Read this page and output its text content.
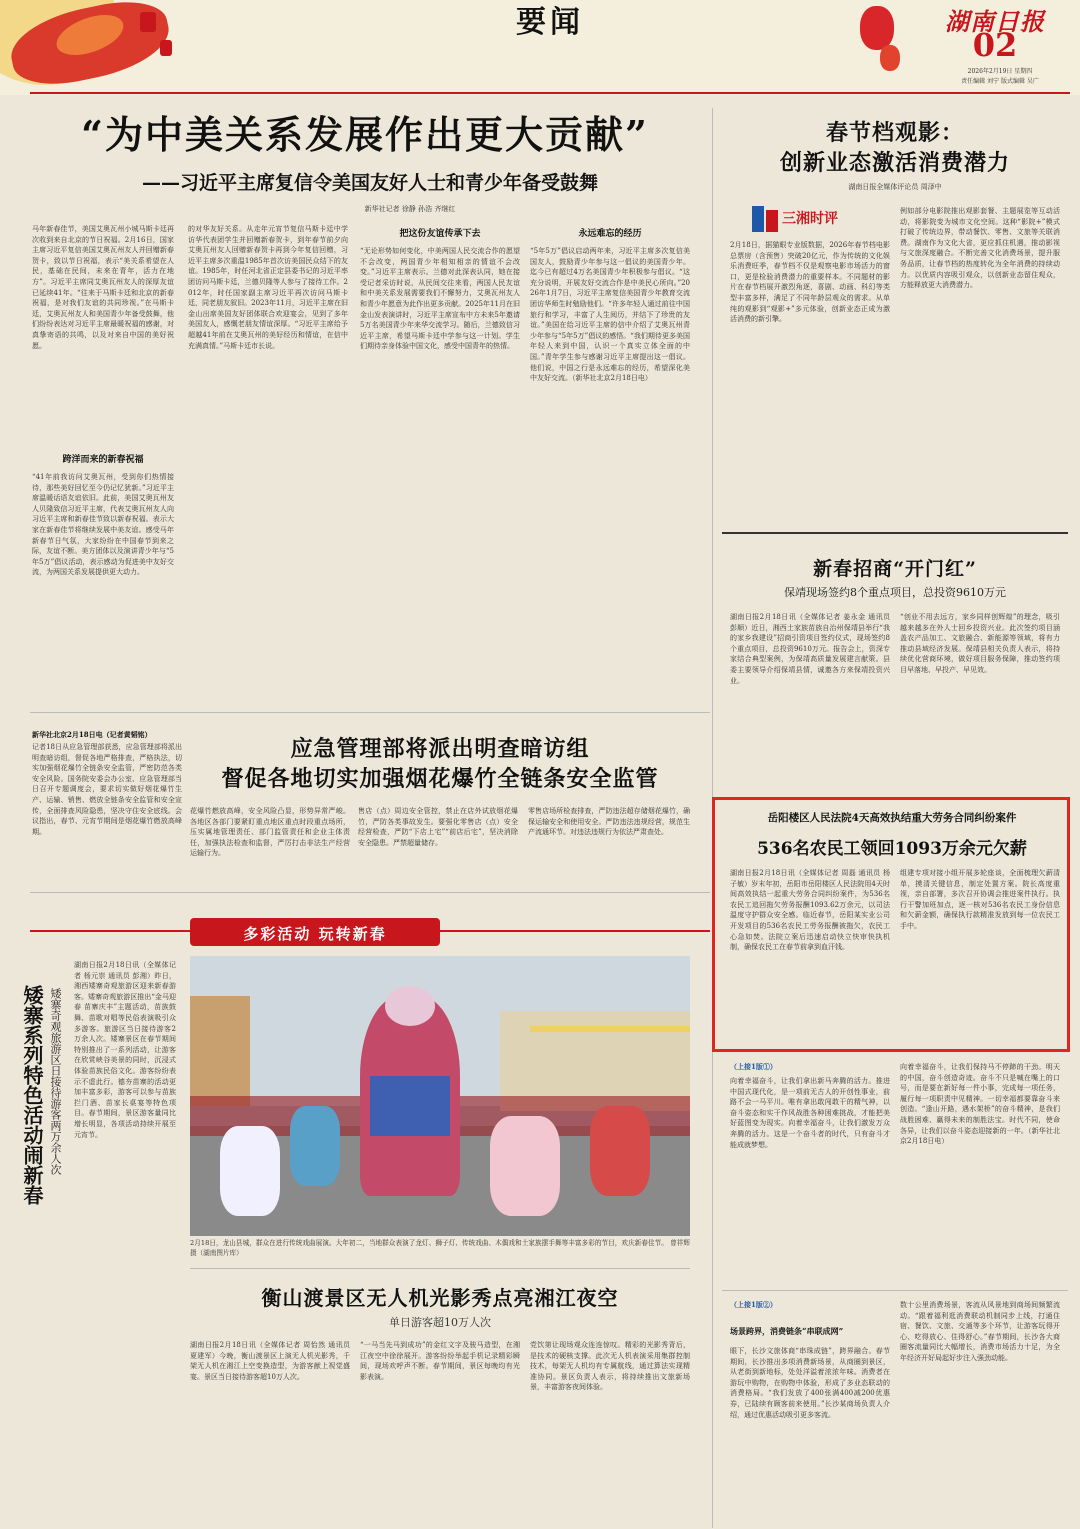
要闻	湖南日报
02
2026年2月19日 星期四
责任编辑 刘宁 版式编辑 吴广
“为中美关系发展作出更大贡献”
——习近平主席复信令美国友好人士和青少年备受鼓舞
新华社记者 徐静 孙浩 齐继红
马年新春佳节，美国艾奥瓦州小城马斯卡廷再次收到来自北京的节日祝福。2月16日，国家主席习近平复信美国艾奥瓦州友人并回赠新春贺卡，致以节日祝福，表示“美关系希望在人民，基础在民间，未来在青年，活力在地方”。习近平主席同艾奥瓦州友人的深厚友谊已延续41年。“往来于马斯卡廷和北京的新春祝福，是对我们友谊的共同珍视。”在马斯卡廷，艾奥瓦州友人和美国青少年备受鼓舞，他们纷纷表达对习近平主席最暖祝福的感谢，对真挚寄语的共鸣，以及对来自中国的美好祝愿。
跨洋而来的新春祝福
“41年前我访问艾奥瓦州，受到你们热情接待，那些美好回忆至今仍记忆犹新。”习近平主席温暖话语友谊依旧。此前，美国艾奥瓦州友人贝隆致信习近平主席，代表艾奥瓦州友人向习近平主席和新春佳节致以新春祝福。表示大家在新春佳节将继续发展中美友谊。感受马年新春节日气氛，大家纷纷在中国春节到来之际，友谊不断。美方团体以及演讲青少年与“5年5万”倡议活动，表示感动为促进美中友好交流，为两国关系发展提供更大动力。
的对华友好关系。从走年元宵节复信马斯卡廷中学访华代表团学生并回赠新春贺卡，到年春节前夕向艾奥瓦州友人回赠新春贺卡再到今年复信回赠，习近平主席多次重温1985年首次访美国民众结下的友谊。1985年，时任河北省正定县委书记的习近平率团访问马斯卡廷，兰德贝隆等人参与了接待工作。2012年，时任国家副主席习近平再次访问马斯卡廷，同老朋友叙旧。2023年11月，习近平主席在旧金山出席美国友好团体联合欢迎宴会，见到了多年美国友人，感慨老朋友情谊深厚。“习近平主席给予超越41年前在艾奥瓦州的美好经历和情谊，在信中充满真情。”马斯卡廷市长说。
把这份友谊传承下去
“无论形势如何变化，中美两国人民交流合作的愿望不会改变，两国青少年相知相亲的情谊不会改变。”习近平主席表示。兰德对此深表认同，她在接受记者采访时说，从民间交往来看，两国人民友谊和中美关系发展需要我们不懈努力，艾奥瓦州友人和青少年愿意为此作出更多贡献。2025年11月在旧金山发表演讲时，习近平主席宣布中方未来5年邀请5万名美国青少年来华交流学习。随后，兰德致信习近平主席，希望马斯卡廷中学参与这一计划。学生们期待亲身体验中国文化，感受中国青年的热情。
永远难忘的经历
“5年5万”倡议启动两年来，习近平主席多次复信美国友人，鼓励青少年参与这一倡议的美国青少年。迄今已有超过4万名美国青少年积极参与倡议。“这充分说明，开展友好交流合作是中美民心所向。”2026年1月7日，习近平主席复信美国青少年教育交流团访华师生时勉励他们。“许多年轻人通过前往中国旅行和学习，丰富了人生阅历，并结下了珍贵的友谊。”美国在给习近平主席的信中介绍了艾奥瓦州青少年参与“5年5万”倡议的感悟。“我们期待更多美国年轻人来到中国，认识一个真实立体全面的中国。”青年学生参与感谢习近平主席提出这一倡议。他们说，中国之行是永远难忘的经历，希望深化美中友好交流。（新华社北京2月18日电）
新华社北京2月18日电（记者黄韬铭）
记者18日从应急管理部获悉，应急管理部将派出明查暗访组，督促各地严格排查，严格执法，切实加强烟花爆竹全链条安全监管，严密防范各类安全风险。国务院安委会办公室、应急管理部当日召开专题调度会，要求切实做好烟花爆竹生产、运输、销售、燃放全链条安全监管和安全宣传，全面排查风险隐患，坚决守住安全底线。会议指出，春节、元宵节期间是烟花爆竹燃放高峰期。
应急管理部将派出明查暗访组
督促各地切实加强烟花爆竹全链条安全监管
花爆竹燃放高峰，安全风险凸显，形势异常严峻。各地区各部门要紧盯重点地区重点时段重点场所，压实属地管理责任、部门监管责任和企业主体责任，加强执法检查和监督，严厉打击非法生产经营运输行为。
售店（点）周边安全管控，禁止在店外试放烟花爆竹，严防各类事故发生。要强化零售店（点）安全经营检查，严防“下店上宅”“前店后宅”，坚决消除安全隐患。严禁超量储存。
零售店场所检查排查，严防违法超存储烟花爆竹，确保运输安全和使用安全。严防违法违规经营，规范生产流通环节。对违法违规行为依法严肃查处。
多彩活动 玩转新春
2月18日，龙山县城，群众在进行传统戏曲展演。大年初二，当地群众表演了龙灯、狮子灯、传统戏曲、木偶戏和土家族摆手舞等丰富多彩的节目，欢庆新春佳节。 曾祥辉 摄（湖南图片库）
矮寨系列特色活动闹新春 矮寨奇观旅游区日接待游客两万余人次
湖南日报2月18日讯（全媒体记者 杨元崇 通讯员 彭湘）昨日，湘西矮寨奇观旅游区迎来新春游客。矮寨奇观旅游区推出“金马迎春 苗寨庆丰”主题活动，苗族鼓舞、苗歌对唱等民俗表演吸引众多游客。旅游区当日接待游客2万余人次。矮寨景区在春节期间特别推出了一系列活动，让游客在欣赏峡谷美景的同时，沉浸式体验苗族民俗文化。游客纷纷表示不虚此行。德夯苗寨的活动更加丰富多彩，游客可以参与苗族拦门酒、苗家长桌宴等特色项目。春节期间，景区游客量同比增长明显，各项活动持续开展至元宵节。
衡山渡景区无人机光影秀点亮湘江夜空
单日游客超10万人次
湖南日报2月18日讯（全媒体记者 周怡然 通讯员 夏建军）今晚，衡山渡景区上演无人机光影秀，千架无人机在湘江上空变换造型，为游客献上视觉盛宴。景区当日接待游客超10万人次。
“一马当先马到成功”的金红文字及骏马造型，在湘江夜空中徐徐展开。游客纷纷举起手机记录精彩瞬间，现场欢呼声不断。春节期间，景区每晚均有光影表演。
党饮第让现场观众连连惊叹。精彩的光影秀背后，是技术的硬核支撑。此次无人机表演采用集群控制技术，每架无人机均有专属航线，通过算法实现精准协同。景区负责人表示，将持续推出文旅新场景，丰富游客夜间体验。
春节档观影：
创新业态激活消费潜力
湖南日报全媒体评论员 周泽中
三湘时评
2月18日，据猫眼专业版数据，2026年春节档电影总票房（含预售）突破20亿元，作为传统的文化娱乐消费旺季，春节档不仅是观察电影市场活力的窗口，更是检验消费潜力的重要样本。不同题材的影片在春节档展开激烈角逐，喜剧、动画、科幻等类型丰富多样，满足了不同年龄层观众的需求。从单纯的观影到“观影+”多元体验，创新业态正成为激活消费的新引擎。
例如部分电影院推出观影套餐、主题展览等互动活动，将影院变为城市文化空间。这种“影院+”模式打破了传统边界，带动餐饮、零售、文旅等关联消费。湖南作为文化大省，更应抓住机遇，推动影视与文旅深度融合。不断完善文化消费场景，提升服务品质，让春节档的热度转化为全年消费的持续动力。以优质内容吸引观众，以创新业态留住观众，方能释放更大消费潜力。
新春招商“开门红”
保靖现场签约8个重点项目，总投资9610万元
湖南日报2月18日讯（全媒体记者 姜永金 通讯员 彭顺）近日，湘西土家族苗族自治州保靖县举行“我的家乡我建设”招商引资项目签约仪式，现场签约8个重点项目，总投资9610万元。报告会上，资深专家结合典型案例，为保靖高质量发展建言献策。县委主要领导介绍保靖县情，诚邀各方来保靖投资兴业。
“创业不用去远方，家乡同样创辉煌”的理念，吸引越来越多在外人士回乡投资兴业。此次签约项目涵盖农产品加工、文旅融合、新能源等领域，将有力推动县域经济发展。保靖县相关负责人表示，将持续优化营商环境，做好项目服务保障，推动签约项目早落地、早投产、早见效。
岳阳楼区人民法院4天高效执结重大劳务合同纠纷案件
536名农民工领回1093万余元欠薪
湖南日报2月18日讯（全媒体记者 周磊 通讯员 杨子敏）岁末年初，岳阳市岳阳楼区人民法院用4天时间高效执结一起重大劳务合同纠纷案件，为536名农民工追回拖欠劳务报酬1093.62万余元，以司法温度守护群众安全感。临近春节，岳阳某实业公司开发项目的536名农民工劳务报酬被拖欠，农民工心急如焚。法院立案后迅速启动快立快审快执机制，确保农民工在春节前拿到血汗钱。
组建专项对接小组开展多轮座谈，全面梳理欠薪清单，摸清关键信息，制定处置方案。院长高度重视，亲自部署，多次召开协调会推进案件执行。执行干警加班加点，逐一核对536名农民工身份信息和欠薪金额，确保执行款精准发放到每一位农民工手中。
（上接1版①）
向着幸福奋斗，让我们拿出新马奔腾的活力。推进中国式现代化，是一项前无古人的开创性事业，前路不会一马平川。唯有拿出敢闯敢干的精气神，以奋斗姿态和实干作风战胜各种困难挑战，才能把美好蓝图变为现实。向着幸福奋斗，让我们激发万众奔腾的活力。这是一个奋斗者的时代，只有奋斗才能成就梦想。
向着幸福奋斗，让我们保持马不停蹄的干劲。明天的中国，奋斗创造奇迹。奋斗不只是喊在嘴上的口号，而是要在新好每一件小事，完成每一项任务，履行每一项职责中见精神。一切幸福都要靠奋斗来创造。“逢山开路，遇水架桥”的奋斗精神，是我们战胜困难、赢得未来的制胜法宝。时代不同，使命各异，让我们以奋斗姿态迎接新的一年。（新华社北京2月18日电）
（上接1版②）
场景跨界，消费链条“串联成网”
眼下，长沙文旅体商“串珠成链”，跨界融合。春节期间，长沙推出多项消费新场景，从商圈到景区，从老街到新地标，处处洋溢着浓浓年味。消费者在游玩中购物，在购物中体验，形成了多业态联动的消费格局。“我们发放了400张满400减200优惠券，已陆续有顾客前来使用。”长沙某商场负责人介绍，通过优惠活动吸引更多客流。
数十公里消费场景，客流从风景地到商场间频繁流动。“跟着福利逛消费联动机制同步上线，打通住宿、餐饮、文旅、交通等多个环节，让游客玩得开心、吃得放心、住得舒心。”春节期间，长沙各大商圈客流量同比大幅增长，消费市场活力十足，为全年经济开好局起好步注入强劲动能。
